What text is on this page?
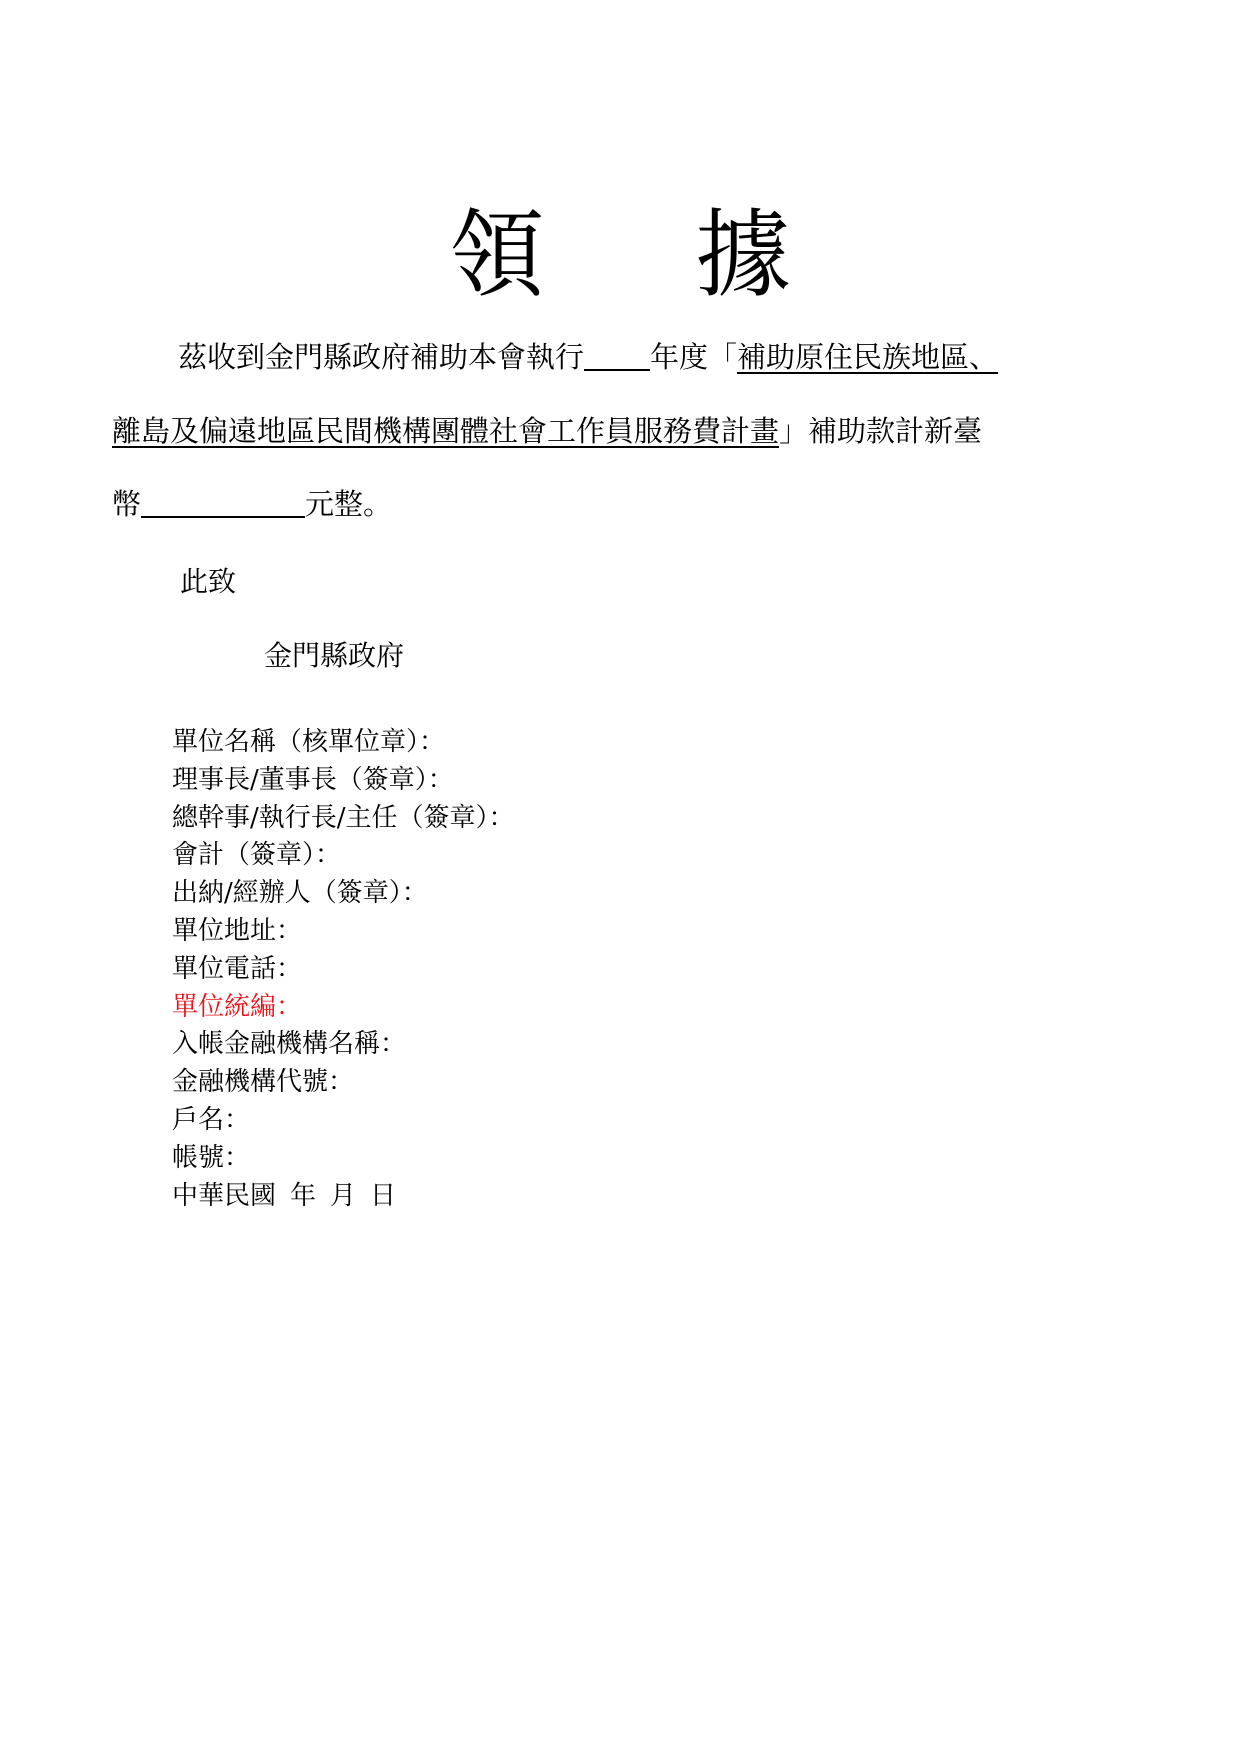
領 據
茲收到金門縣政府補助本會執行 年度「補助原住民族地區、
離島及偏遠地區民間機構團體社會工作員服務費計畫」補助款計新臺
幣	元整。
此致
金門縣政府
單位名稱（核單位章）：
理事長/董事長（簽章）：
總幹事/執行長/主任（簽章）：
會計（簽章）：
出納/經辦人（簽章）：
單位地址：
單位電話：
單位統編：
入帳金融機構名稱：
金融機構代號：
戶名：
帳號：
中華民國 年 月 日
